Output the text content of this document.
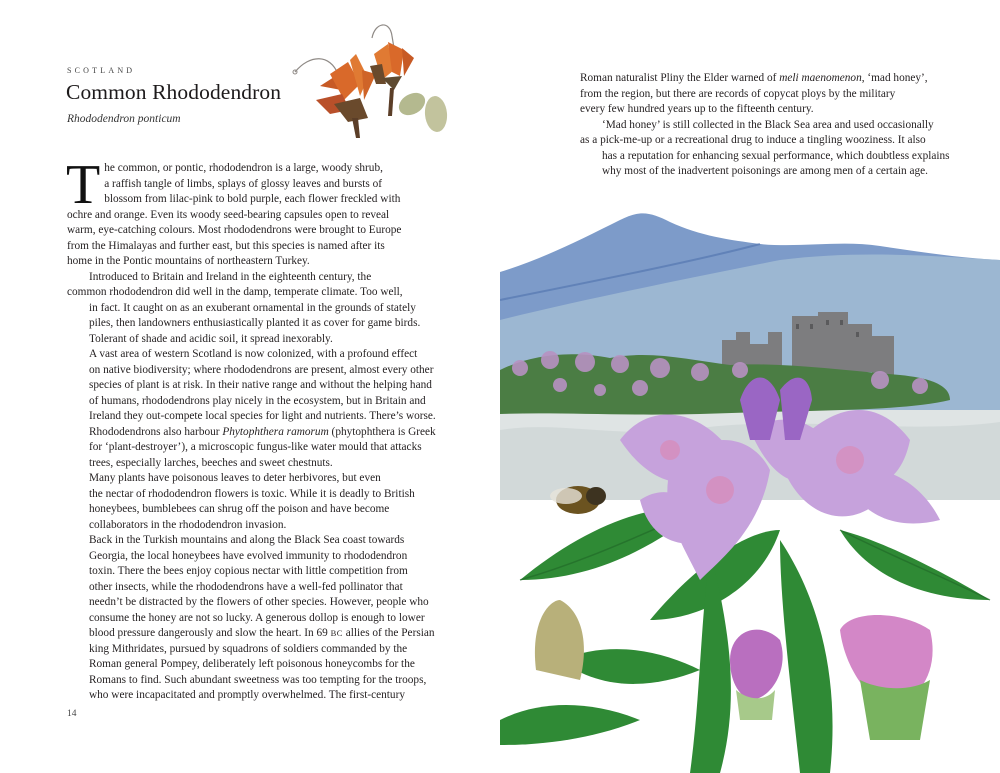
SCOTLAND
Common Rhododendron
Rhododendron ponticum

T he common, or pontic, rhododendron is a large, woody shrub,
a raffish tangle of limbs, splays of glossy leaves and bursts of
blossom from lilac-pink to bold purple, each flower freckled with
ochre and orange. Even its woody seed-bearing capsules open to reveal
warm, eye-catching colours. Most rhododendrons were brought to Europe
from the Himalayas and further east, but this species is named after its
home in the Pontic mountains of northeastern Turkey.

Introduced to Britain and Ireland in the eighteenth century, the
common rhododendron did well in the damp, temperate climate. Too well,
in fact. It caught on as an exuberant ornamental in the grounds of stately
piles, then landowners enthusiastically planted it as cover for game birds.
Tolerant of shade and acidic soil, it spread inexorably.

A vast area of western Scotland is now colonized, with a profound effect
on native biodiversity; where rhododendrons are present, almost every other
species of plant is at risk. In their native range and without the helping hand
of humans, rhododendrons play nicely in the ecosystem, but in Britain and
Ireland they out-compete local species for light and nutrients. There’s worse.
Rhododendrons also harbour Phytophthera ramorum (phytophthera is Greek
for ‘plant-destroyer’), a microscopic fungus-like water mould that attacks
trees, especially larches, beeches and sweet chestnuts.

Many plants have poisonous leaves to deter herbivores, but even
the nectar of rhododendron flowers is toxic. While it is deadly to British
honeybees, bumblebees can shrug off the poison and have become
collaborators in the rhododendron invasion.

Back in the Turkish mountains and along the Black Sea coast towards
Georgia, the local honeybees have evolved immunity to rhododendron
toxin. There the bees enjoy copious nectar with little competition from
other insects, while the rhododendrons have a well-fed pollinator that
needn’t be distracted by the flowers of other species. However, people who
consume the honey are not so lucky. A generous dollop is enough to lower
blood pressure dangerously and slow the heart. In 69 BC allies of the Persian
king Mithridates, pursued by squadrons of soldiers commanded by the
Roman general Pompey, deliberately left poisonous honeycombs for the
Romans to find. Such abundant sweetness was too tempting for the troops,
who were incapacitated and promptly overwhelmed. The first-century

14

Roman naturalist Pliny the Elder warned of meli maenomenon, ‘mad honey’,
from the region, but there are records of copycat ploys by the military
every few hundred years up to the fifteenth century.

‘Mad honey’ is still collected in the Black Sea area and used occasionally
as a pick-me-up or a recreational drug to induce a tingling wooziness. It also
has a reputation for enhancing sexual performance, which doubtless explains
why most of the inadvertent poisonings are among men of a certain age.
